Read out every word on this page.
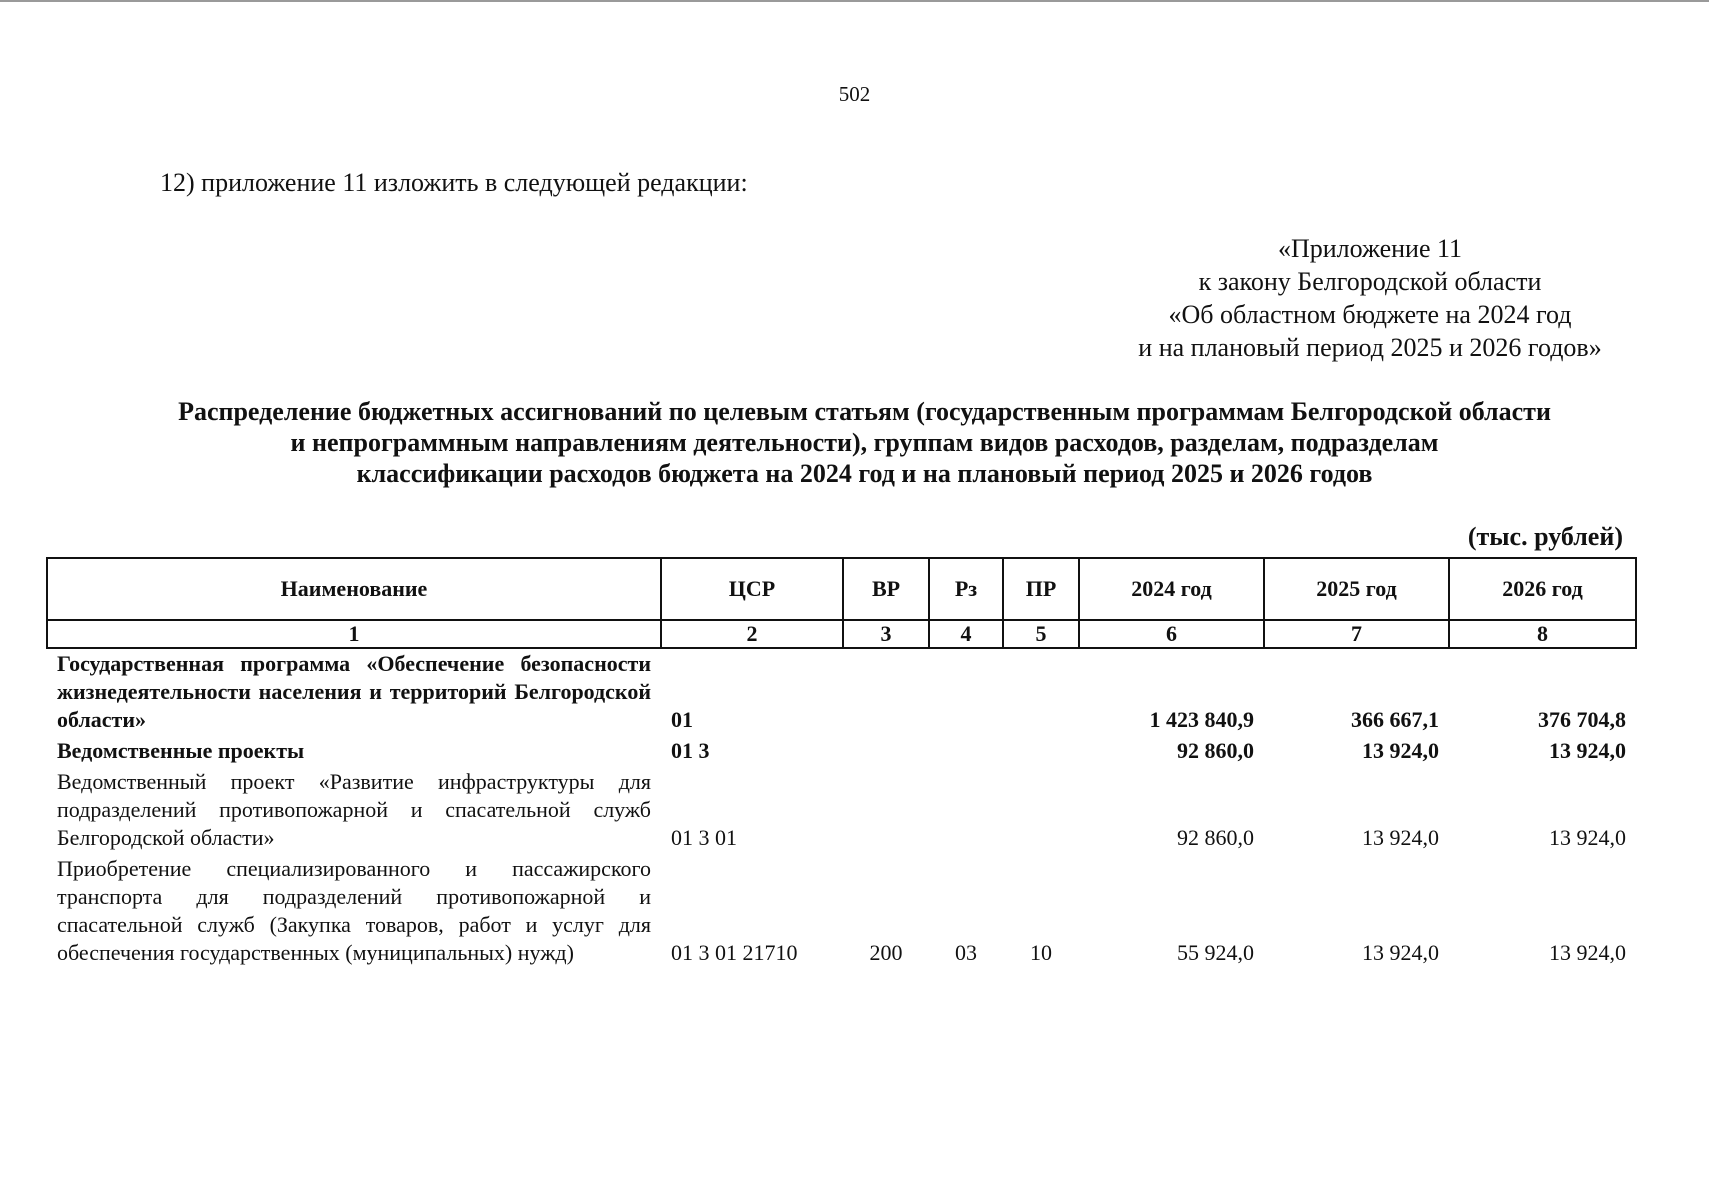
502
12) приложение 11 изложить в следующей редакции:
«Приложение 11
к закону Белгородской области
«Об областном бюджете на 2024 год
и на плановый период 2025 и 2026 годов»
Распределение бюджетных ассигнований по целевым статьям (государственным программам Белгородской области
и непрограммным направлениям деятельности), группам видов расходов, разделам, подразделам
классификации расходов бюджета на 2024 год и на плановый период 2025 и 2026 годов
(тыс. рублей)
Наименование	ЦСР	ВР	Рз	ПР	2024 год	2025 год	2026 год
1	2	3	4	5	6	7	8
Государственная программа «Обеспечение безопасности жизнедеятельности населения и территорий Белгородской области»	01				1 423 840,9	366 667,1	376 704,8
Ведомственные проекты	01 3				92 860,0	13 924,0	13 924,0
Ведомственный проект «Развитие инфраструктуры для подразделений противопожарной и спасательной служб Белгородской области»	01 3 01				92 860,0	13 924,0	13 924,0
Приобретение специализированного и пассажирского транспорта для подразделений противопожарной и спасательной служб (Закупка товаров, работ и услуг для обеспечения государственных (муниципальных) нужд)	01 3 01 21710	200	03	10	55 924,0	13 924,0	13 924,0
